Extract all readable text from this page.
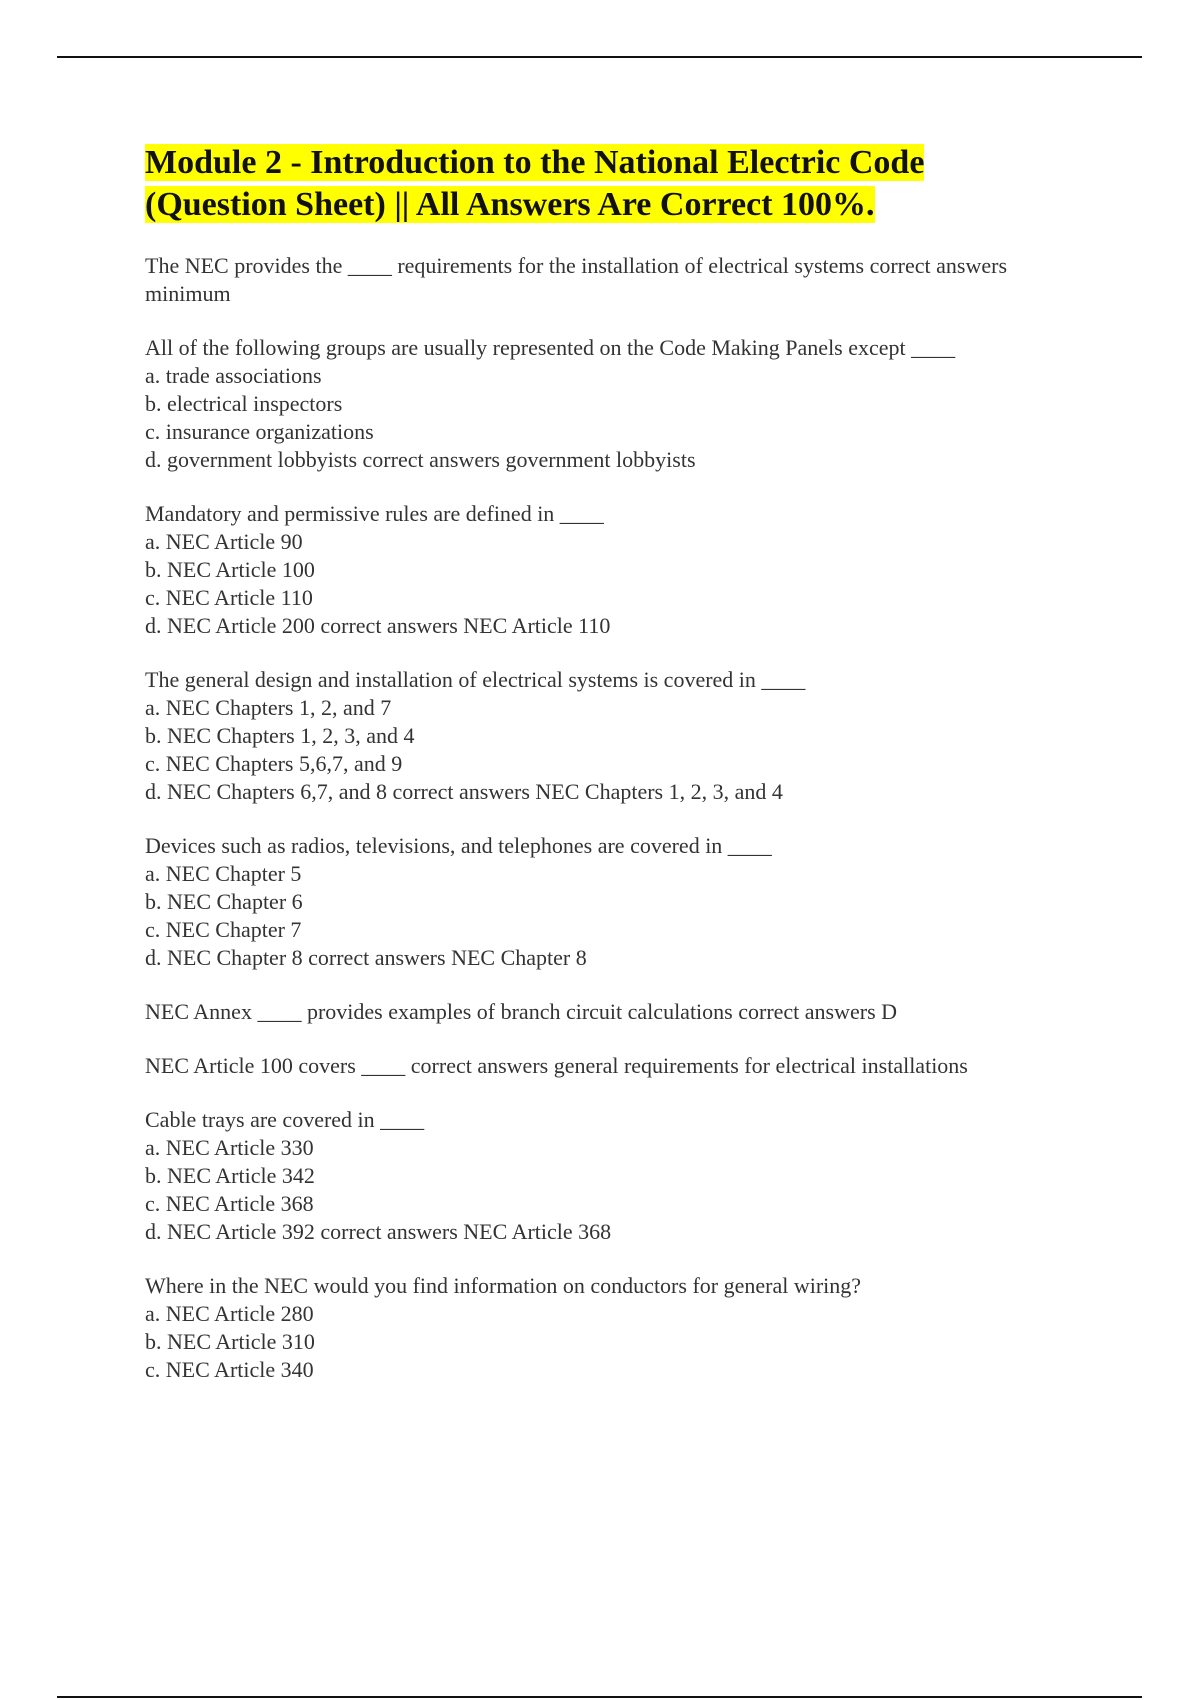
Module 2 - Introduction to the National Electric Code
(Question Sheet) || All Answers Are Correct 100%.

The NEC provides the ____ requirements for the installation of electrical systems correct answers minimum

All of the following groups are usually represented on the Code Making Panels except ____

a. trade associations
b. electrical inspectors
c. insurance organizations
d. government lobbyists correct answers government lobbyists

Mandatory and permissive rules are defined in ____

a. NEC Article 90
b. NEC Article 100
c. NEC Article 110
d. NEC Article 200 correct answers NEC Article 110

The general design and installation of electrical systems is covered in ____

a. NEC Chapters 1, 2, and 7
b. NEC Chapters 1, 2, 3, and 4
c. NEC Chapters 5,6,7, and 9
d. NEC Chapters 6,7, and 8 correct answers NEC Chapters 1, 2, 3, and 4

Devices such as radios, televisions, and telephones are covered in ____

a. NEC Chapter 5
b. NEC Chapter 6
c. NEC Chapter 7
d. NEC Chapter 8 correct answers NEC Chapter 8

NEC Annex ____ provides examples of branch circuit calculations correct answers D

NEC Article 100 covers ____ correct answers general requirements for electrical installations

Cable trays are covered in ____

a. NEC Article 330
b. NEC Article 342
c. NEC Article 368
d. NEC Article 392 correct answers NEC Article 368

Where in the NEC would you find information on conductors for general wiring?

a. NEC Article 280
b. NEC Article 310
c. NEC Article 340
